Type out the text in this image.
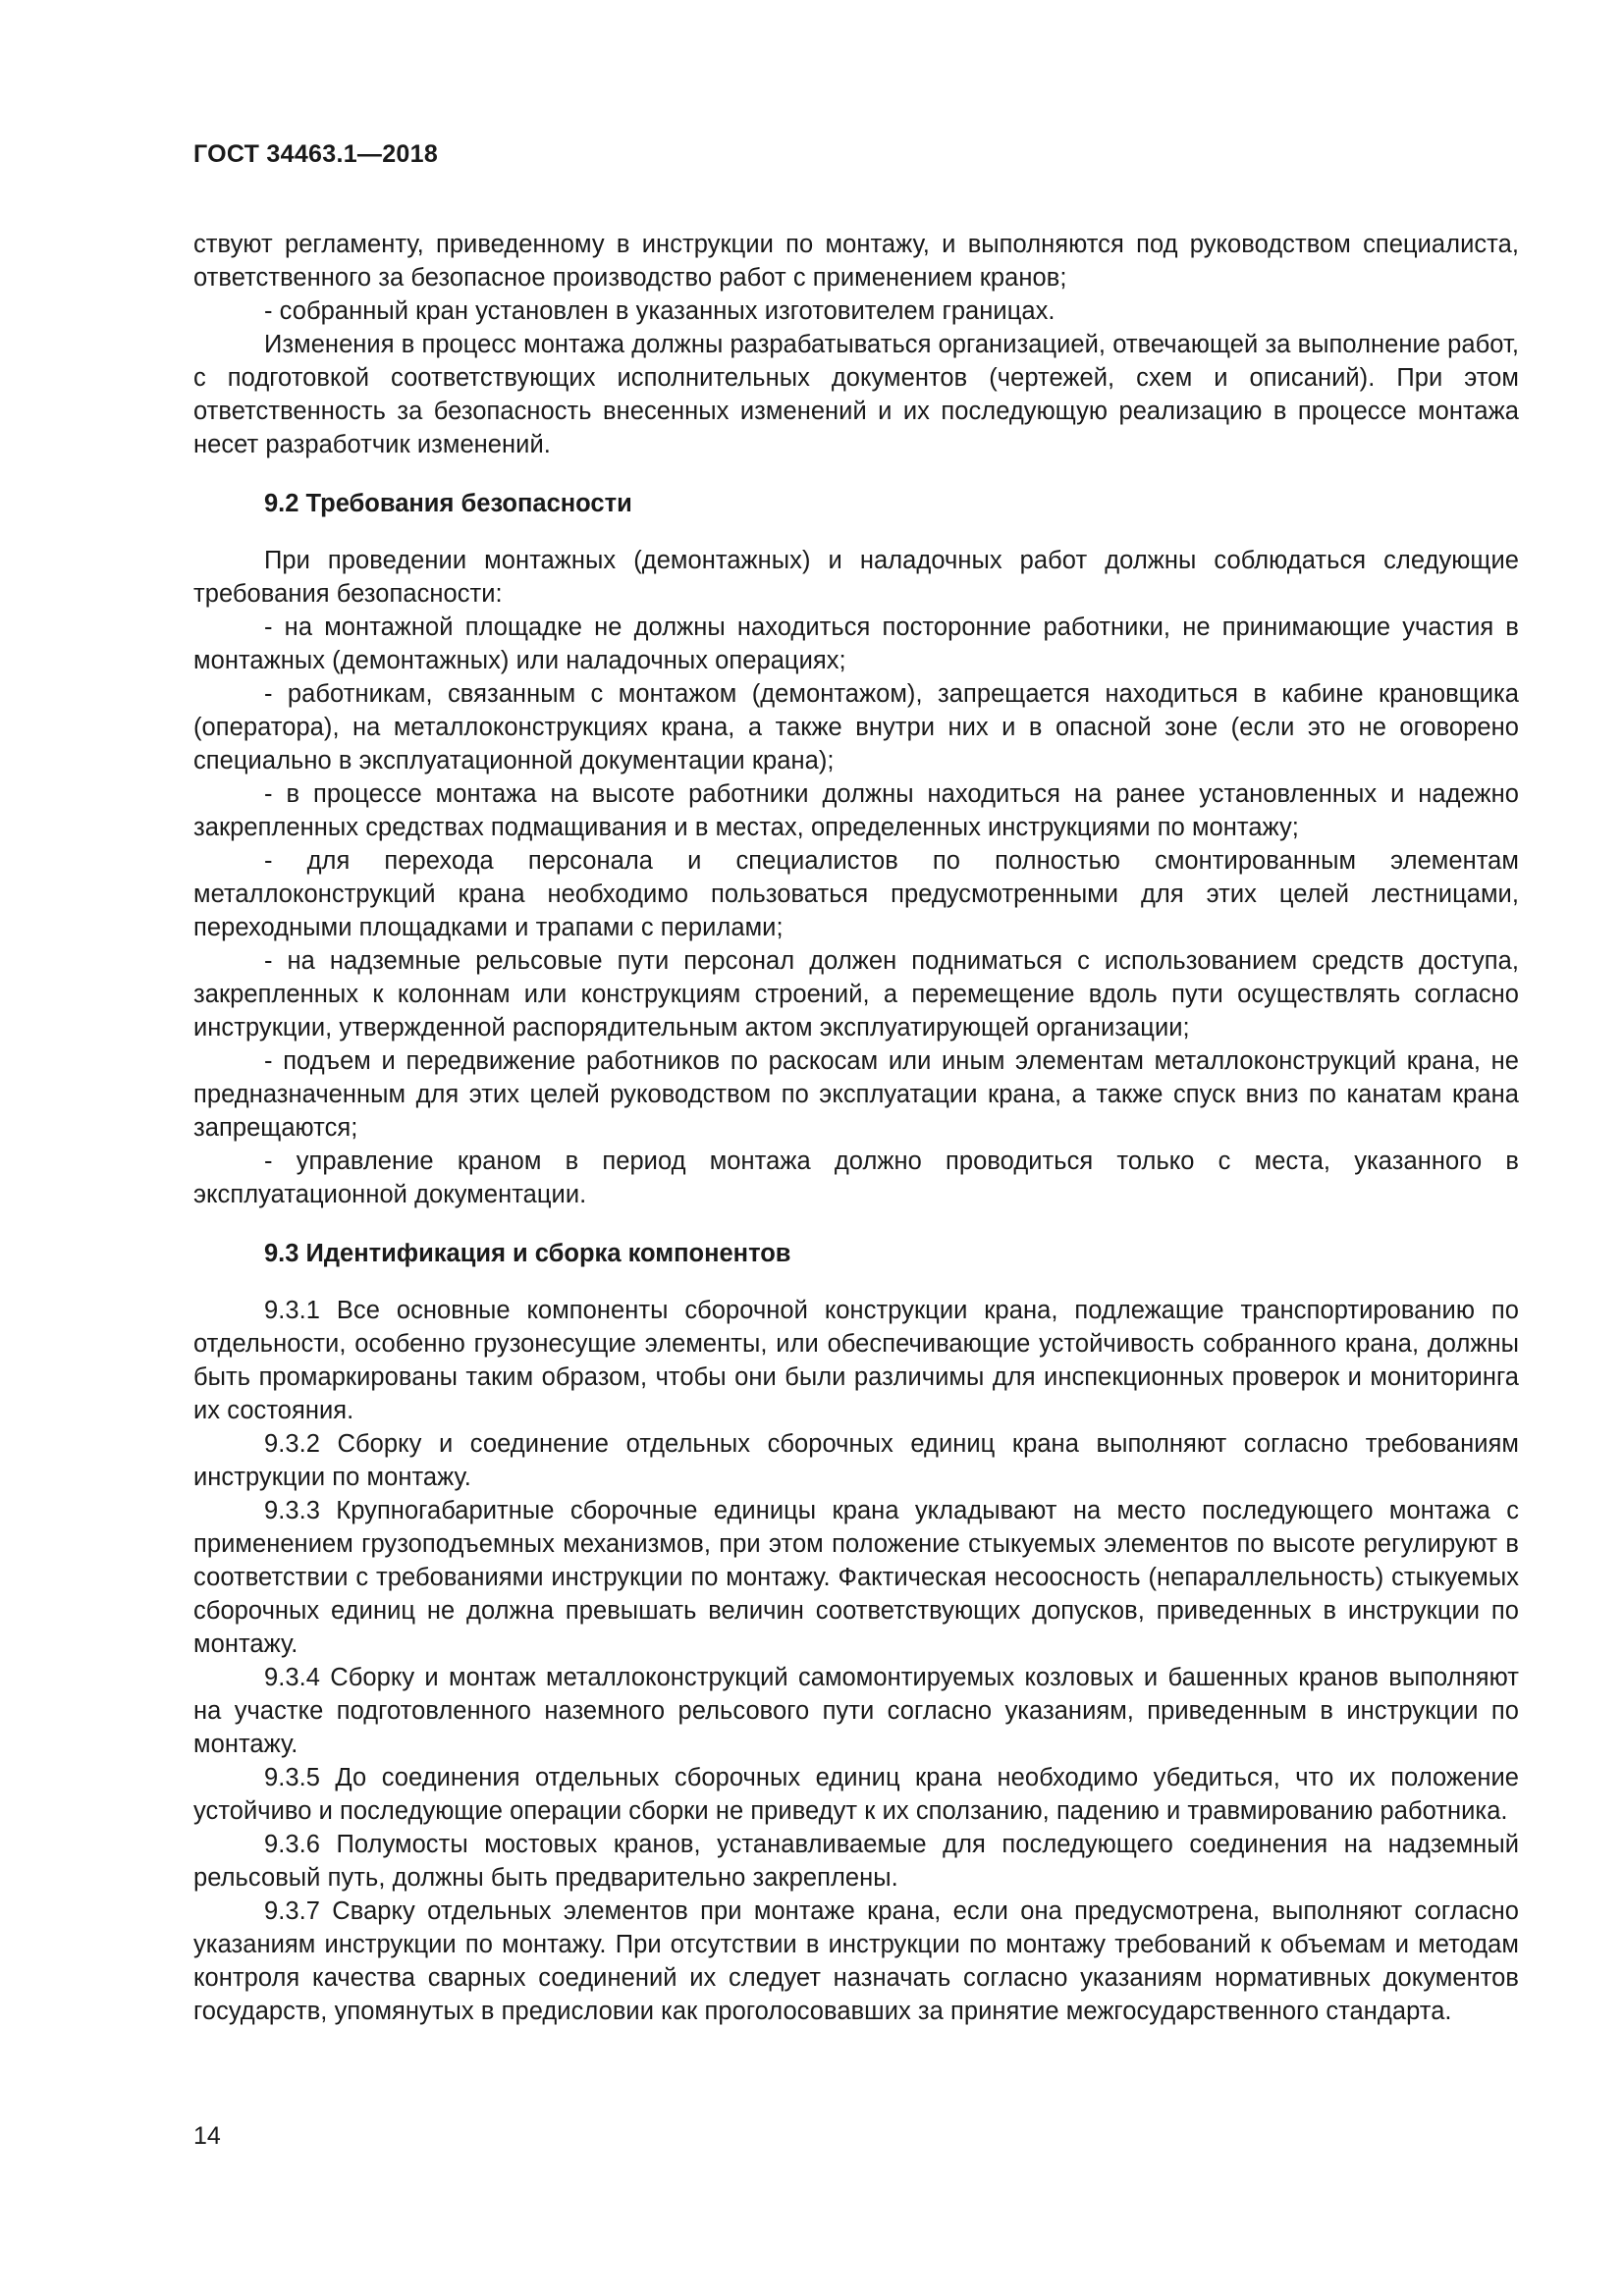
ГОСТ 34463.1—2018

ствуют регламенту, приведенному в инструкции по монтажу, и выполняются под руководством специалиста, ответственного за безопасное производство работ с применением кранов;

- собранный кран установлен в указанных изготовителем границах.

Изменения в процесс монтажа должны разрабатываться организацией, отвечающей за выполнение работ, с подготовкой соответствующих исполнительных документов (чертежей, схем и описаний). При этом ответственность за безопасность внесенных изменений и их последующую реализацию в процессе монтажа несет разработчик изменений.

9.2 Требования безопасности

При проведении монтажных (демонтажных) и наладочных работ должны соблюдаться следующие требования безопасности:

- на монтажной площадке не должны находиться посторонние работники, не принимающие участия в монтажных (демонтажных) или наладочных операциях;

- работникам, связанным с монтажом (демонтажом), запрещается находиться в кабине крановщика (оператора), на металлоконструкциях крана, а также внутри них и в опасной зоне (если это не оговорено специально в эксплуатационной документации крана);

- в процессе монтажа на высоте работники должны находиться на ранее установленных и надежно закрепленных средствах подмащивания и в местах, определенных инструкциями по монтажу;

- для перехода персонала и специалистов по полностью смонтированным элементам металлоконструкций крана необходимо пользоваться предусмотренными для этих целей лестницами, переходными площадками и трапами с перилами;

- на надземные рельсовые пути персонал должен подниматься с использованием средств доступа, закрепленных к колоннам или конструкциям строений, а перемещение вдоль пути осуществлять согласно инструкции, утвержденной распорядительным актом эксплуатирующей организации;

- подъем и передвижение работников по раскосам или иным элементам металлоконструкций крана, не предназначенным для этих целей руководством по эксплуатации крана, а также спуск вниз по канатам крана запрещаются;

- управление краном в период монтажа должно проводиться только с места, указанного в эксплуатационной документации.

9.3 Идентификация и сборка компонентов

9.3.1 Все основные компоненты сборочной конструкции крана, подлежащие транспортированию по отдельности, особенно грузонесущие элементы, или обеспечивающие устойчивость собранного крана, должны быть промаркированы таким образом, чтобы они были различимы для инспекционных проверок и мониторинга их состояния.

9.3.2 Сборку и соединение отдельных сборочных единиц крана выполняют согласно требованиям инструкции по монтажу.

9.3.3 Крупногабаритные сборочные единицы крана укладывают на место последующего монтажа с применением грузоподъемных механизмов, при этом положение стыкуемых элементов по высоте регулируют в соответствии с требованиями инструкции по монтажу. Фактическая несоосность (непараллельность) стыкуемых сборочных единиц не должна превышать величин соответствующих допусков, приведенных в инструкции по монтажу.

9.3.4 Сборку и монтаж металлоконструкций самомонтируемых козловых и башенных кранов выполняют на участке подготовленного наземного рельсового пути согласно указаниям, приведенным в инструкции по монтажу.

9.3.5 До соединения отдельных сборочных единиц крана необходимо убедиться, что их положение устойчиво и последующие операции сборки не приведут к их сползанию, падению и травмированию работника.

9.3.6 Полумосты мостовых кранов, устанавливаемые для последующего соединения на надземный рельсовый путь, должны быть предварительно закреплены.

9.3.7 Сварку отдельных элементов при монтаже крана, если она предусмотрена, выполняют согласно указаниям инструкции по монтажу. При отсутствии в инструкции по монтажу требований к объемам и методам контроля качества сварных соединений их следует назначать согласно указаниям нормативных документов государств, упомянутых в предисловии как проголосовавших за принятие межгосударственного стандарта.

14
